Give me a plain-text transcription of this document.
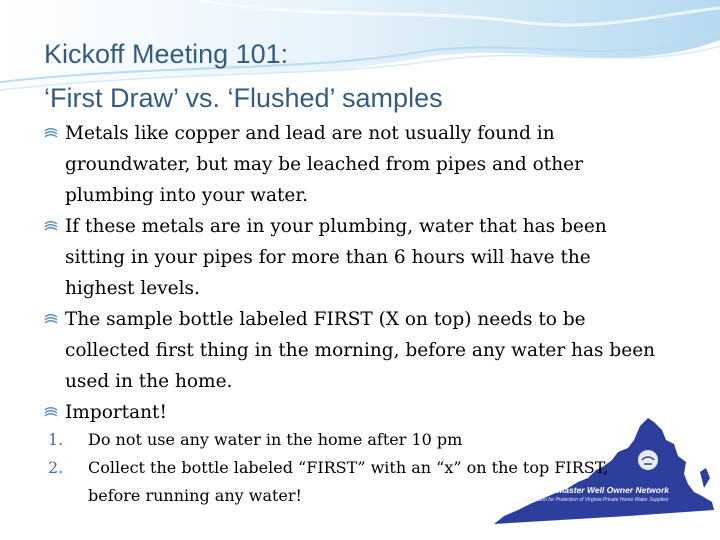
Kickoff Meeting 101:
‘First Draw’ vs. ‘Flushed’ samples
Metals like copper and lead are not usually found in groundwater, but may be leached from pipes and other plumbing into your water.
If these metals are in your plumbing, water that has been sitting in your pipes for more than 6 hours will have the highest levels.
The sample bottle labeled FIRST (X on top) needs to be collected first thing in the morning, before any water has been used in the home.
Important!
Virginia Master Well Owner Network
Education for Protection of Virginia Private Home Water Supplies
1. Do not use any water in the home after 10 pm
2. Collect the bottle labeled “FIRST” with an “x” on the top FIRST, before running any water!
